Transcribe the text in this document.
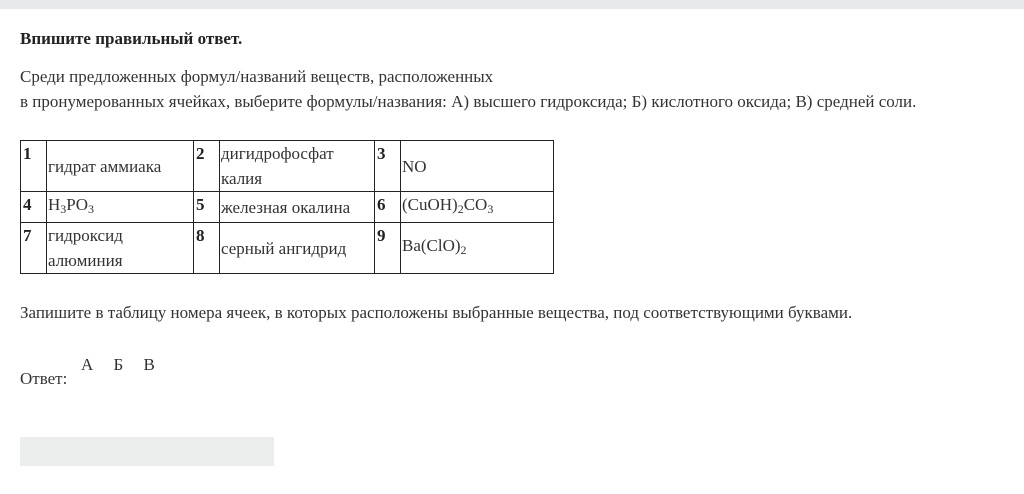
Впишите правильный ответ.

Среди предложенных формул/названий веществ, расположенных
в пронумерованных ячейках, выберите формулы/названия: А) высшего гидроксида; Б) кислотного оксида; В) средней соли.

1	гидрат аммиака	2	дигидрофосфат калия	3	NO
4	$H_3PO_3$	5	железная окалина	6	$(CuOH)_2CO_3$
7	гидроксид алюминия	8	серный ангидрид	9	$Ba(ClO)_2$
Запишите в таблицу номера ячеек, в которых расположены выбранные вещества, под соответствующими буквами.
Ответ:
А Б В
